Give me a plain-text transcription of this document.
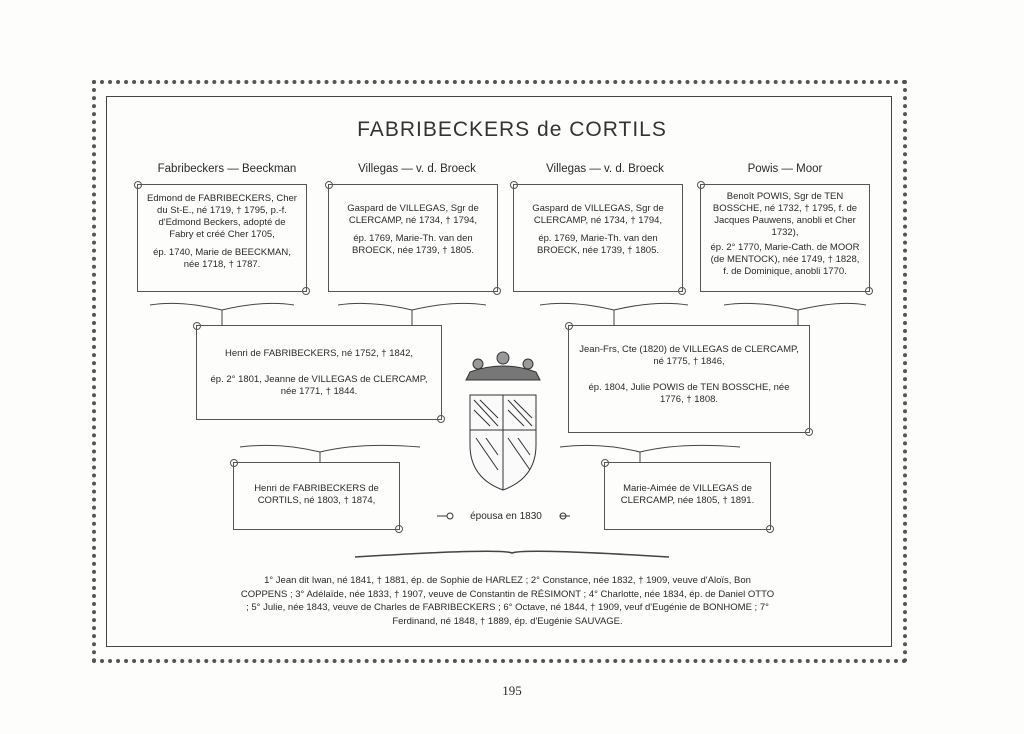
FABRIBECKERS de CORTILS
Fabribeckers — Beeckman	Villegas — v. d. Broeck	Villegas — v. d. Broeck	Powis — Moor

Edmond de FABRIBECKERS, Cher du St-E., né 1719, † 1795, p.-f. d'Edmond Beckers, adopté de Fabry et créé Cher 1705,

ép. 1740, Marie de BEECKMAN, née 1718, † 1787.

Gaspard de VILLEGAS, Sgr de CLERCAMP, né 1734, † 1794,

ép. 1769, Marie-Th. van den BROECK, née 1739, † 1805.

Gaspard de VILLEGAS, Sgr de CLERCAMP, né 1734, † 1794,

ép. 1769, Marie-Th. van den BROECK, née 1739, † 1805.

Benoît POWIS, Sgr de TEN BOSSCHE, né 1732, † 1795, f. de Jacques Pauwens, anobli et Cher 1732),

ép. 2° 1770, Marie-Cath. de MOOR (de MENTOCK), née 1749, † 1828, f. de Dominique, anobli 1770.

Henri de FABRIBECKERS, né 1752, † 1842,

ép. 2° 1801, Jeanne de VILLEGAS de CLERCAMP, née 1771, † 1844.

Jean-Frs, Cte (1820) de VILLEGAS de CLERCAMP, né 1775, † 1846,

ép. 1804, Julie POWIS de TEN BOSSCHE, née 1776, † 1808.

Henri de FABRIBECKERS de CORTILS, né 1803, † 1874,

Marie-Aimée de VILLEGAS de CLERCAMP, née 1805, † 1891.

épousa en 1830
1° Jean dit Iwan, né 1841, † 1881, ép. de Sophie de HARLEZ ; 2° Constance, née 1832, † 1909, veuve d'Aloïs, Bon COPPENS ; 3° Adélaïde, née 1833, † 1907, veuve de Constantin de RÉSIMONT ; 4° Charlotte, née 1834, ép. de Daniel OTTO ; 5° Julie, née 1843, veuve de Charles de FABRIBECKERS ; 6° Octave, né 1844, † 1909, veuf d'Eugénie de BONHOME ; 7° Ferdinand, né 1848, † 1889, ép. d'Eugénie SAUVAGE.
195
